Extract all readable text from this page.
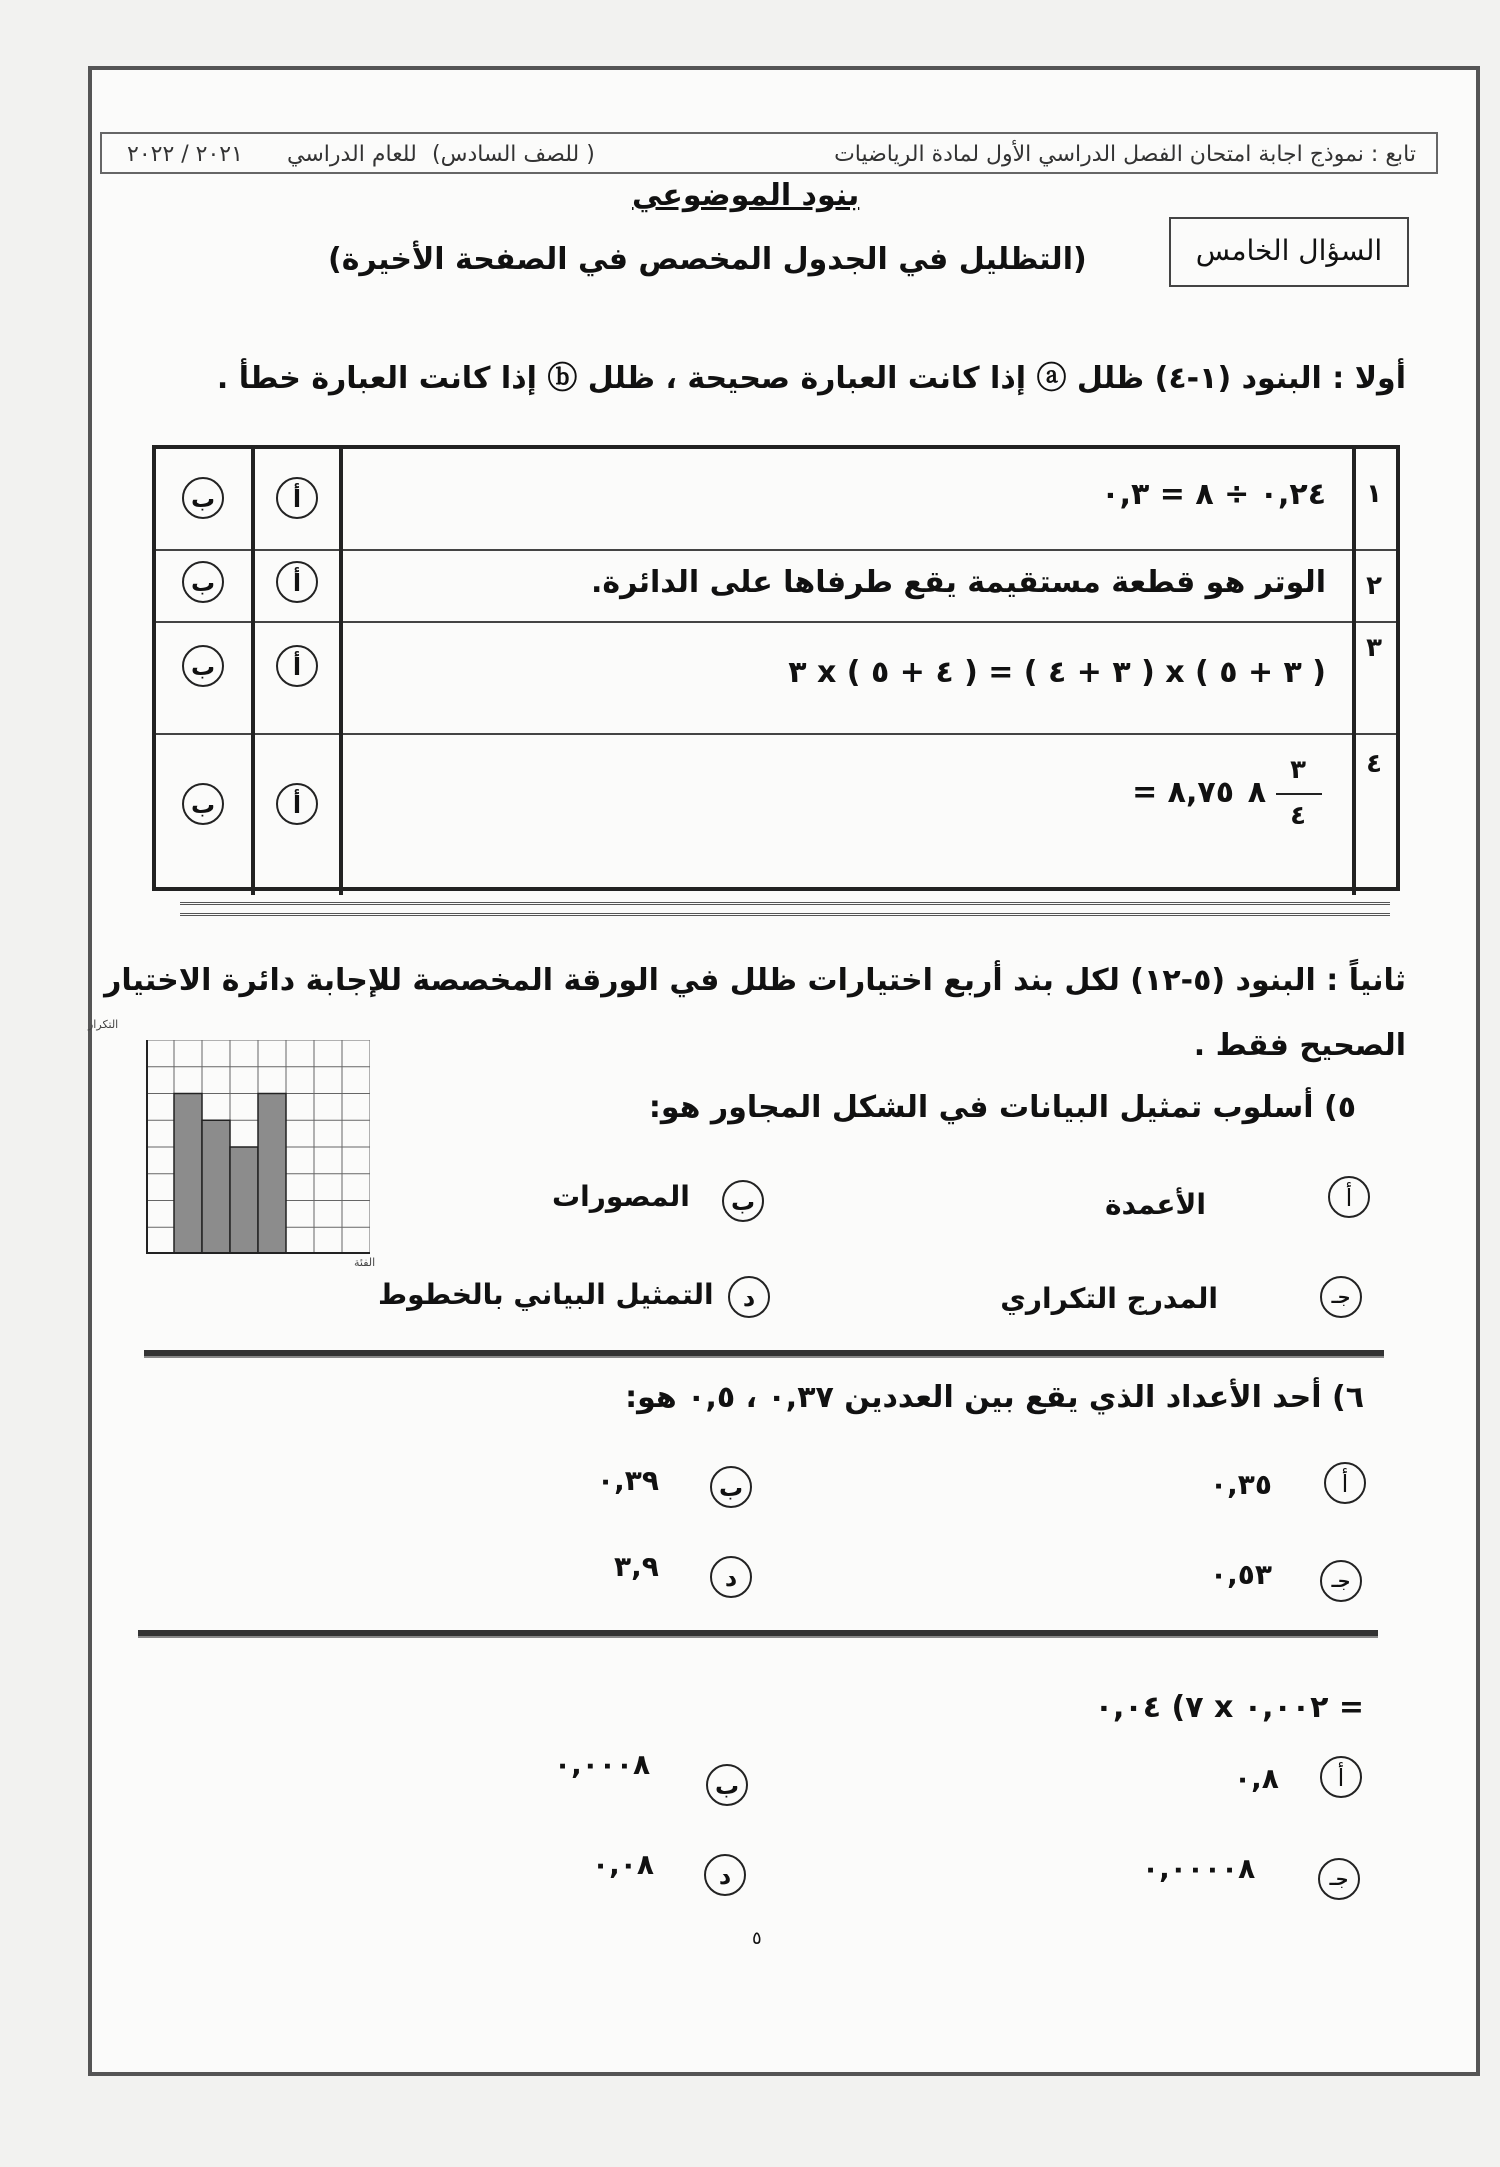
تابع : نموذج اجابة امتحان الفصل الدراسي الأول لمادة الرياضيات
( للصف السادس)
للعام الدراسي
٢٠٢١ / ٢٠٢٢
بنود الموضوعي
السؤال الخامس
(التظليل في الجدول المخصص في الصفحة الأخيرة)
أولا : البنود (١-٤) ظلل ⓐ إذا كانت العبارة صحيحة ، ظلل ⓑ إذا كانت العبارة خطأ .
١
٠,٢٤ ÷ ٨ = ٠,٣
أ
ب
٢
الوتر هو قطعة مستقيمة يقع طرفاها على الدائرة.
أ
ب
٣
٣ x ( ٤ + ٥ ) = ( ٣ + ٤ ) x ( ٣ + ٥ )
أ
ب
٤
٣
٤
٨
= ٨,٧٥
أ
ب
ثانياً : البنود (٥-١٢) لكل بند أربع اختيارات ظلل في الورقة المخصصة للإجابة دائرة الاختيار
الصحيح فقط .
التكرار
الفئة
٥) أسلوب تمثيل البيانات في الشكل المجاور هو:
أ
الأعمدة
ب
المصورات
جـ
المدرج التكراري
د
التمثيل البياني بالخطوط
٦) أحد الأعداد الذي يقع بين العددين ٠,٣٧ ، ٠,٥ هو:
أ
٠,٣٥
ب
٠,٣٩
جـ
٠,٥٣
د
٣,٩
٧) ٠,٠٤ x ٠,٠٠٢ =
أ
٠,٨
ب
٠,٠٠٠٨
جـ
٠,٠٠٠٠٨
د
٠,٠٨
٥
